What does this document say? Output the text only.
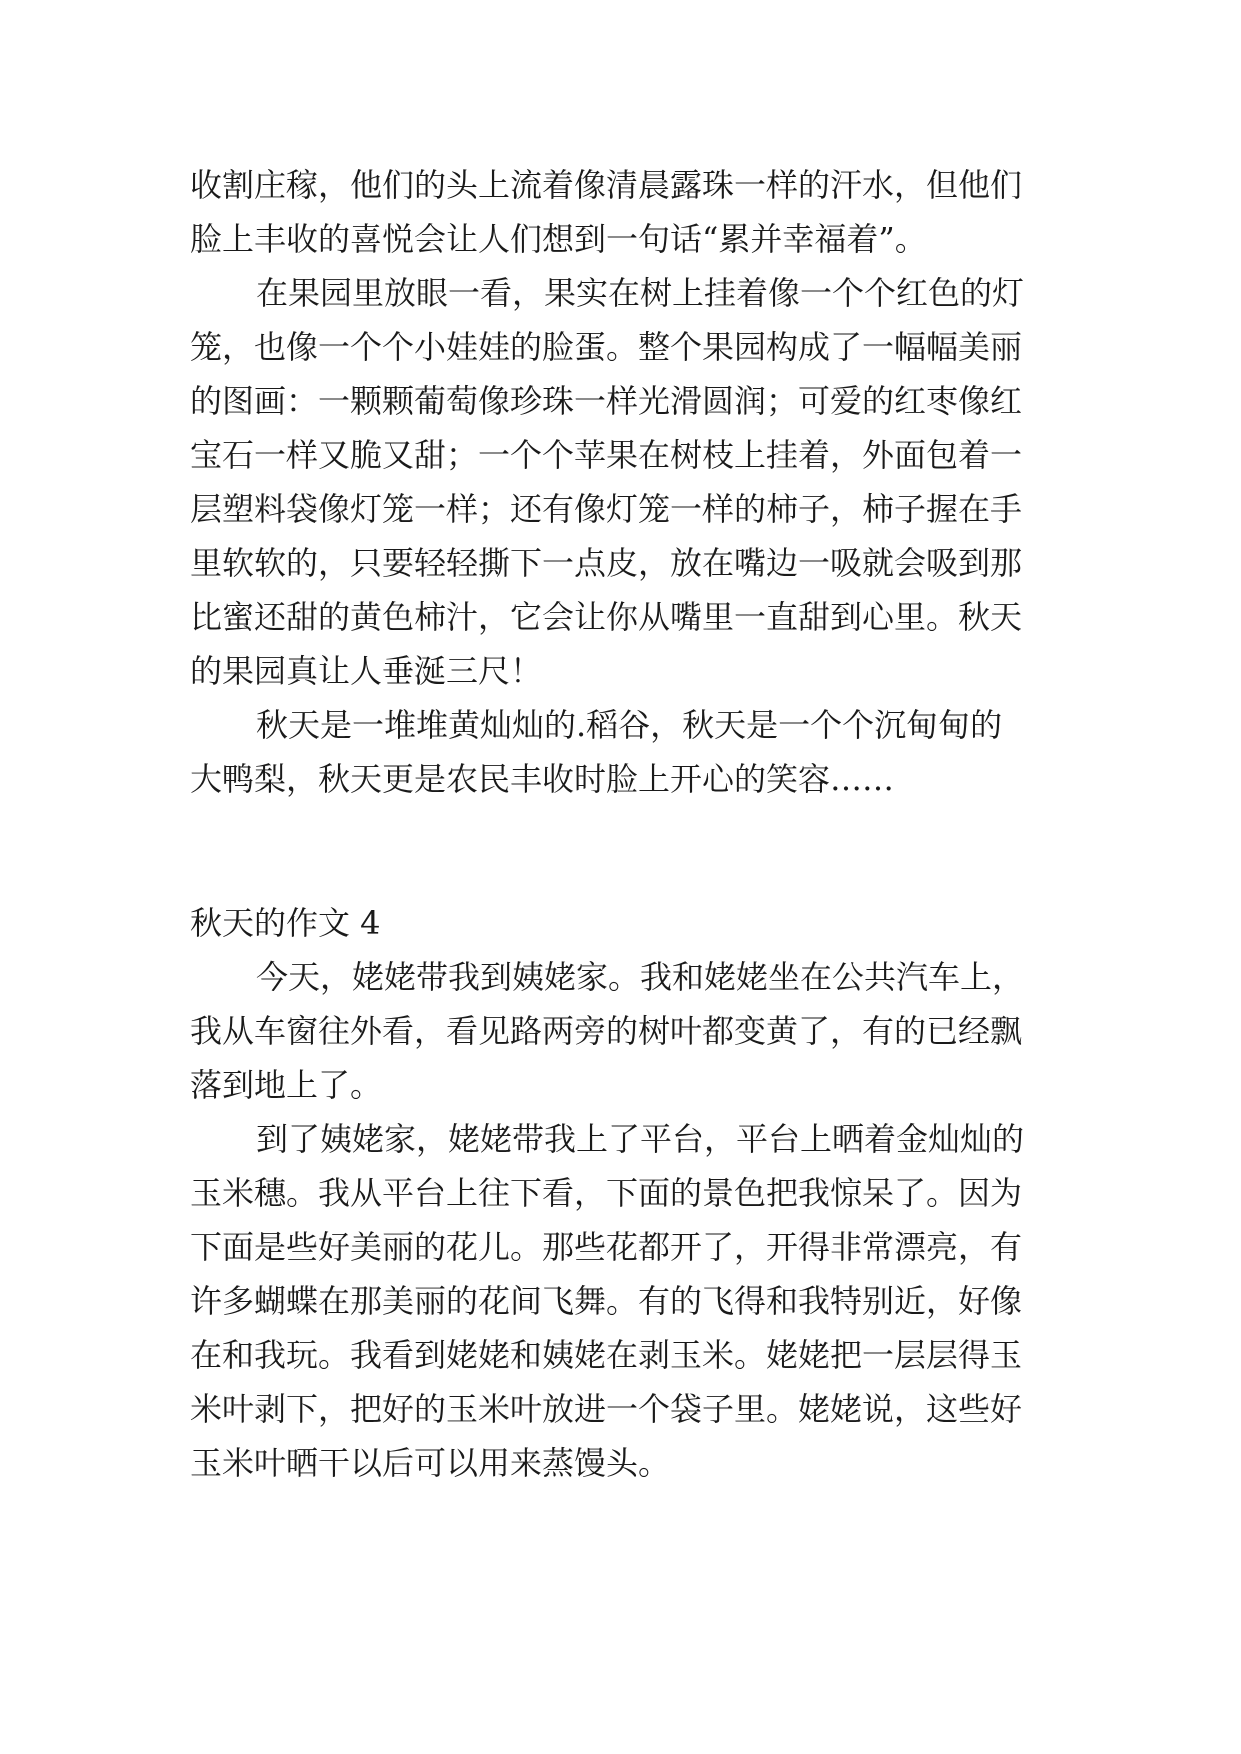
收割庄稼，他们的头上流着像清晨露珠一样的汗水，但他们
脸上丰收的喜悦会让人们想到一句话“累并幸福着”。
在果园里放眼一看，果实在树上挂着像一个个红色的灯
笼，也像一个个小娃娃的脸蛋。整个果园构成了一幅幅美丽
的图画：一颗颗葡萄像珍珠一样光滑圆润；可爱的红枣像红
宝石一样又脆又甜；一个个苹果在树枝上挂着，外面包着一
层塑料袋像灯笼一样；还有像灯笼一样的柿子，柿子握在手
里软软的，只要轻轻撕下一点皮，放在嘴边一吸就会吸到那
比蜜还甜的黄色柿汁，它会让你从嘴里一直甜到心里。秋天
的果园真让人垂涎三尺！
秋天是一堆堆黄灿灿的.稻谷，秋天是一个个沉甸甸的
大鸭梨，秋天更是农民丰收时脸上开心的笑容……
秋天的作文 4
今天，姥姥带我到姨姥家。我和姥姥坐在公共汽车上，
我从车窗往外看，看见路两旁的树叶都变黄了，有的已经飘
落到地上了。
到了姨姥家，姥姥带我上了平台，平台上晒着金灿灿的
玉米穗。我从平台上往下看，下面的景色把我惊呆了。因为
下面是些好美丽的花儿。那些花都开了，开得非常漂亮，有
许多蝴蝶在那美丽的花间飞舞。有的飞得和我特别近，好像
在和我玩。我看到姥姥和姨姥在剥玉米。姥姥把一层层得玉
米叶剥下，把好的玉米叶放进一个袋子里。姥姥说，这些好
玉米叶晒干以后可以用来蒸馒头。
